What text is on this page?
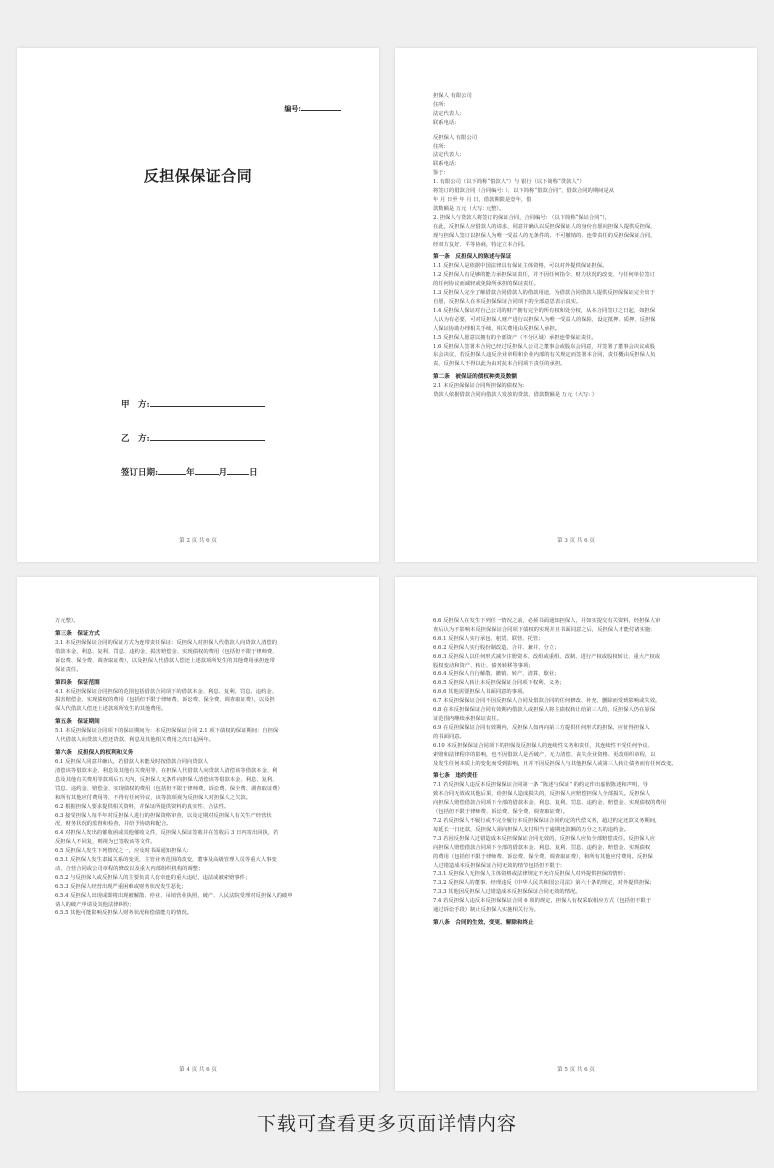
编号:
反担保保证合同
甲　方:
乙　方:
签订日期:	年	月	日
第 2 页 共 6 页
担保人 有限公司
住所:
法定代表人:
联系电话:
反担保人 有限公司
住所:
法定代表人:
联系电话:
鉴于:
1. 有限公司（以下简称“借款人”）与 银行（以下简称“贷款人”）
将签订的借款合同（合同编号: ），以下简称“借款合同”，借款合同的期间是从
年 月 日至 年 月 日，借款期限是壹年，借
款数额是 万元（大写: 元整）。
2. 担保人与贷款人将签订的保证合同，合同编号: （以下简称“保证合同”），
在此，反担保人应借款人的请求，同意并确认以反担保保证人的身份自愿向担保人提供反担保，
现与担保人签订以担保人为唯一受益人的无条件的、不可撤销的、连带责任的反担保保证合同，
经双方友好、平等协商，特定立本合同。
第一条　反担保人的陈述与保证
1.1 反担保人是依据中国法律具有保证主体资格，可以对外提供保证担保。
1.2 反担保人有足够的能力承担保证责任，并不因任何指令、财力状况的改变、与任何单位签订
的任何协议而减轻或免除所承担的保证责任。
1.3 反担保人完全了解借款合同借款人的借款用途，为借款合同借款人提供反担保保证完全出于
自愿，反担保人在本反担保保证合同项下的全部意思表示真实。
1.4 反担保人保证对自己公司的财产拥有完全的所有权和处分权，从本合同签订之日起，如担保
人认为有必要，可对反担保人财产进行以担保人为唯一受益人的保险，设定抵押、质押，反担保
人保证协助办理相关手续，相关费用由反担保人承担。
1.5 反担保人愿意以拥有的全部资产（不分区域）承担连带保证责任。
1.6 反担保人签署本合同已经过反担保人公司之董事会或股东会同意，并签署了董事会决议或股
东会决议，若反担保人违反企业章程和企业内部的有关规定而签署本合同，责任概由反担保人负
责，反担保人不得以此为由对抗本合同项下责任的承担。
第二条　被保证的债权种类及数额
2.1 本反担保保证合同所担保的债权为:
贷款人依据借款合同向借款人发放的贷款，借款数额是 万元（大写: ）
第 3 页 共 6 页
万元整）。
第三条　保证方式
3.1 本反担保保证合同的保证方式为连带责任保证：反担保人对担保人代借款人向贷款人清偿的
借款本金、利息、复利、罚息、违约金、损害赔偿金、实现债权的费用（包括但不限于律师费、
诉讼费、保全费、调查取证费），以及担保人代借款人偿还上述款项所发生的其他费用承担连带
保证责任。
第四条　保证范围
4.1 本反担保保证合同担保的范围包括借款合同项下的借款本金、利息、复利、罚息、违约金、
损害赔偿金、实现债权的费用（包括但不限于律师费、诉讼费、保全费、调查取证费），以及担
保人代借款人偿还上述款项所发生的其他费用。
第五条　保证期间
5.1 本反担保保证合同项下的保证期间为：本反担保保证合同 2.1 项下债权的保证期间：自担保
人代借款人向贷款人偿还贷款、利息及其他相关费用之次日起两年。
第六条　反担保人的权利和义务
6.1 反担保人同意并确认，若借款人未能及时按借款合同向贷款人
清偿该等借款本金、利息及其他有关费用等，在担保人代借款人向贷款人清偿该等借款本金、利
息及其他有关费用等款项后五天内，反担保人无条件向担保人清偿该等借款本金、利息、复利、
罚息、违约金、赔偿金、实现债权的费用（包括但不限于律师费、诉讼费、保全费、调查取证费）
和所有其他应付费用等，不得有任何异议，该等款项视为反担保人对担保人之欠款。
6.2 根据担保人要求提供相关资料，并保证所提供资料的真实性、合法性。
6.3 接受担保人每半年对反担保人进行的担保资格审查，以及定期对反担保人有关生产经营状
况、财务状况的监督和检查，并给予协助和配合。
6.4 对担保人发出的催收函或其他催收文件，反担保人保证签收并在签收后 3 日内寄出回执，若
反担保人不回复，则视为已签收该等文件。
6.5 反担保人发生下列情况之一，应及时书面通知担保人:
6.5.1 反担保人发生隶属关系的变更，主管业务范围的改变，董事及高级管理人员等重大人事变
动，合营合同或公司章程的修改以及重大内部组织机构的调整；
6.5.2 与反担保人或反担保人的主要负责人有牵连的重大违纪、违法或被索赔事件；
6.5.3 反担保人经营出现严重困难或财务状况发生恶化；
6.5.4 反担保人出现或即将出现被解散、停业、吊销营业执照、破产、人民法院受理对反担保人的破申
请人的破产申请及其他法律纠纷；
6.5.5 其他可能影响反担保人财务状况和偿债能力的情况。
第 4 页 共 6 页
6.6 反担保人在发生下列任一情况之前，必须书面通知担保人，并如实提交有关资料，经担保人审
查后认为不影响本反担保保证合同项下债权的实现并且书面同意之后，反担保人才能付诸实施:
6.6.1 反担保人实行承包、租赁、联营、托管；
6.6.2 反担保人实行股份制改造，合并、兼并、分立；
6.6.3 反担保人以任何形式减少注册资本、改组或重组、改制、进行产权或股权转让、重大产权或
股权变动和资产、转让、债务转移等事项；
6.6.4 反担保人自行解散、撤销、转产、清算、歇业；
6.6.5 反担保人转让本反担保保证合同项下权利、义务；
6.6.6 其他需要担保人书面同意的事项。
6.7 本反担保保证合同不因反担保人合同及借款合同的任何修改、补充、删除而受到影响或失效。
6.8 在本反担保保证合同有效期内借款人或担保人将主债权转让给第三人的，反担保人仍在原保
证范围内继续承担保证责任。
6.9 在反担保保证合同有效期内，反担保人如再向第三方提供任何形式的担保，应征得担保人
的书面同意。
6.10 本反担保保证合同项下的担保及反担保人的连续性义务和责任，其连续性不受任何争议、
索赔和法律程序的影响，也不因借款人是否破产、无力清偿、丧失企业资格、更改组织章程，以
及发生任何本质上的变化而受到影响，且并不因反担保人与其他担保人或第三人转让债务而有任何改变。
第七条　违约责任
7.1 若反担保人违反本反担保保证合同第一条 “陈述与保证” 的约定作出虚假陈述和声明，导
致本合同无效或其他后果，给担保人造成损失的，反担保人应赔偿担保人全部损失。反担保人
向担保人赔偿借款合同项下全部的借款本金、利息、复利、罚息、违约金、赔偿金、实现债权的费用
（包括但不限于律师费、诉讼费、保全费、调查取证费）。
7.2 若反担保人不履行或不完全履行本反担保保证合同约定的代偿义务，超过约定还款义务期间，
每延长一日还款，反担保人须向担保人支付相当于逾期还款额的万分之五的违约金。
7.3 若因反担保人过错造成本反担保保证合同无效的，反担保人应负全部赔偿责任。反担保人应
向担保人赔偿借款合同项下全部的借款本金、利息、复利、罚息、违约金、赔偿金、实现债权
的费用（包括但不限于律师费、诉讼费、保全费、调查取证费），和所有其他应付费用。反担保
人过错造成本反担保保证合同无效的情节包括但不限于:
7.3.1 反担保人无担保人主体资格或法律规定不允许反担保人对外提供担保的情形；
7.3.2 反担保人的董事、经理违反《中华人民共和国公司法》第六十条的规定，对外提供担保；
7.3.3 其他因反担保人过错造成本反担保保证合同无效的情况。
7.4 若反担保人违反本反担保保证合同 6 项的规定，担保人有权采取相应方式（包括但不限于
通过诉讼手段）制止反担保人实施相关行为。
第八条　合同的生效、变更、解除和终止
第 5 页 共 6 页
下载可查看更多页面详情内容
